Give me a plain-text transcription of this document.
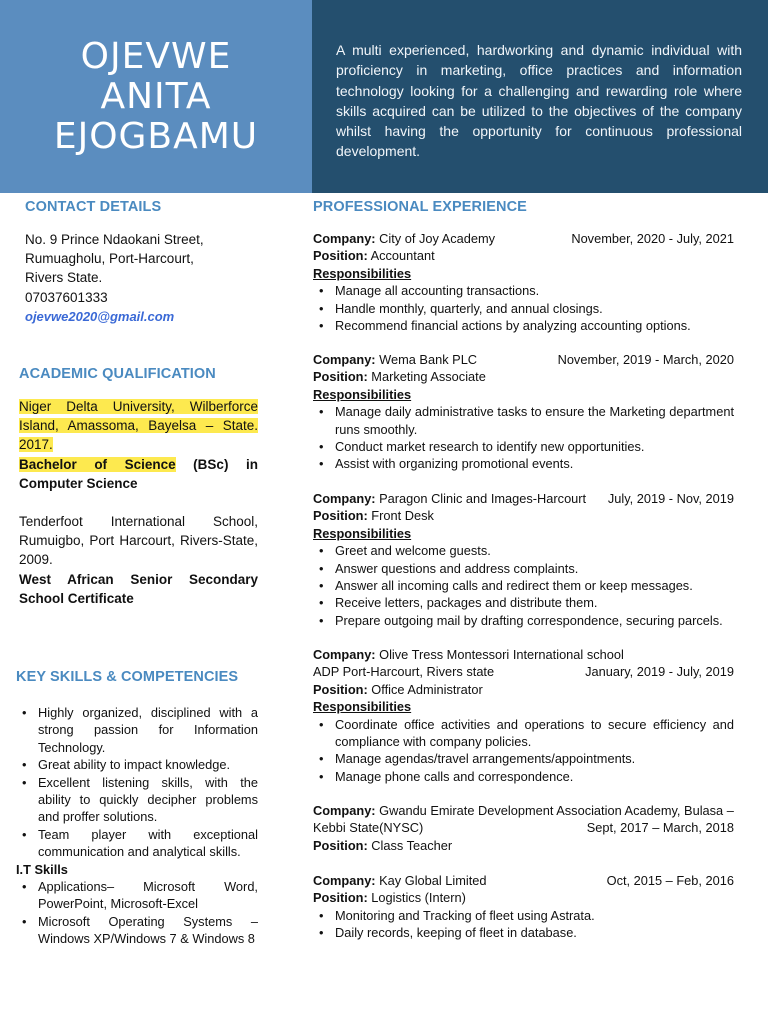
OJEVWE
ANITA
EJOGBAMU

A multi experienced, hardworking and dynamic individual with proficiency in marketing, office practices and information technology looking for a challenging and rewarding role where skills acquired can be utilized to the objectives of the company whilst having the opportunity for continuous professional development.

CONTACT DETAILS
No. 9 Prince Ndaokani Street,
Rumuagholu, Port-Harcourt,
Rivers State.
07037601333
ojevwe2020@gmail.com
ACADEMIC QUALIFICATION

Niger Delta University, Wilberforce Island, Amassoma, Bayelsa – State. 2017.

Bachelor of Science (BSc) in Computer Science

Tenderfoot International School, Rumuigbo, Port Harcourt, Rivers-State, 2009.

West African Senior Secondary School Certificate

KEY SKILLS & COMPETENCIES
• Highly organized, disciplined with a strong passion for Information Technology.
• Great ability to impact knowledge.
• Excellent listening skills, with the ability to quickly decipher problems and proffer solutions.
• Team player with exceptional communication and analytical skills.
I.T Skills
• Applications– Microsoft Word, PowerPoint, Microsoft-Excel
• Microsoft Operating Systems – Windows XP/Windows 7 & Windows 8
PROFESSIONAL EXPERIENCE
Company: City of Joy Academy	November, 2020 - July, 2021
Position: Accountant
Responsibilities
• Manage all accounting transactions.
• Handle monthly, quarterly, and annual closings.
• Recommend financial actions by analyzing accounting options.
Company: Wema Bank PLC	November, 2019 - March, 2020
Position: Marketing Associate
Responsibilities
• Manage daily administrative tasks to ensure the Marketing department runs smoothly.
• Conduct market research to identify new opportunities.
• Assist with organizing promotional events.
Company: Paragon Clinic and Images-Harcourt July, 2019 - Nov, 2019
Position: Front Desk
Responsibilities
• Greet and welcome guests.
• Answer questions and address complaints.
• Answer all incoming calls and redirect them or keep messages.
• Receive letters, packages and distribute them.
• Prepare outgoing mail by drafting correspondence, securing parcels.
Company: Olive Tress Montessori International school
ADP Port-Harcourt, Rivers state	January, 2019 - July, 2019
Position: Office Administrator
Responsibilities
• Coordinate office activities and operations to secure efficiency and compliance with company policies.
• Manage agendas/travel arrangements/appointments.
• Manage phone calls and correspondence.
Company: Gwandu Emirate Development Association Academy, Bulasa –
Kebbi State(NYSC)	Sept, 2017 – March, 2018
Position: Class Teacher
Company: Kay Global Limited	Oct, 2015 – Feb, 2016
Position: Logistics (Intern)
• Monitoring and Tracking of fleet using Astrata.
• Daily records, keeping of fleet in database.
